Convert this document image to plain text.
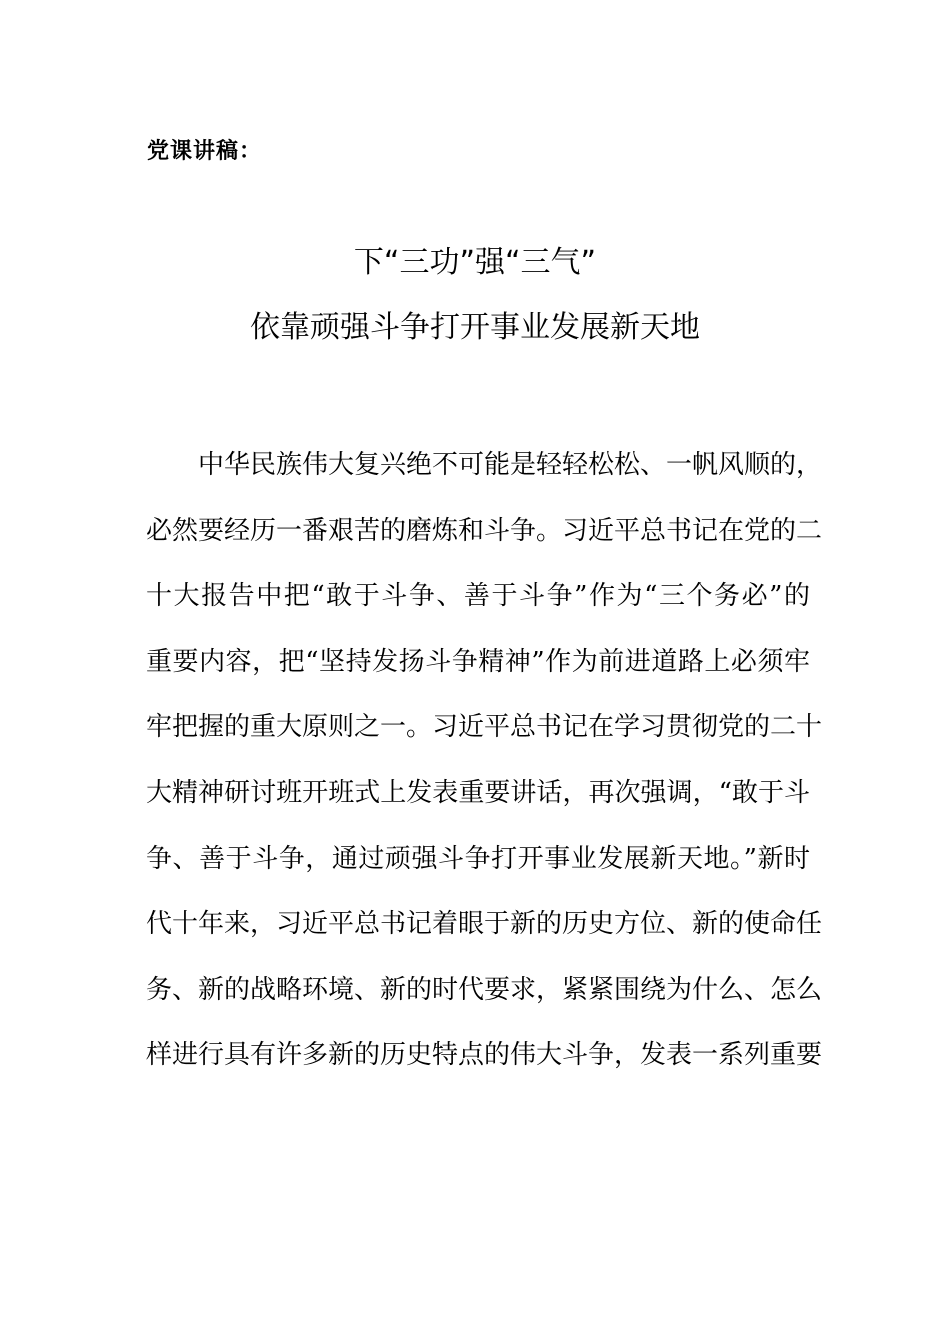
党课讲稿：
下“三功”强“三气”
依靠顽强斗争打开事业发展新天地
中华民族伟大复兴绝不可能是轻轻松松、一帆风顺的，
必然要经历一番艰苦的磨炼和斗争。习近平总书记在党的二
十大报告中把“敢于斗争、善于斗争”作为“三个务必”的
重要内容，把“坚持发扬斗争精神”作为前进道路上必须牢
牢把握的重大原则之一。习近平总书记在学习贯彻党的二十
大精神研讨班开班式上发表重要讲话，再次强调，“敢于斗
争、善于斗争，通过顽强斗争打开事业发展新天地。”新时
代十年来，习近平总书记着眼于新的历史方位、新的使命任
务、新的战略环境、新的时代要求，紧紧围绕为什么、怎么
样进行具有许多新的历史特点的伟大斗争，发表一系列重要
